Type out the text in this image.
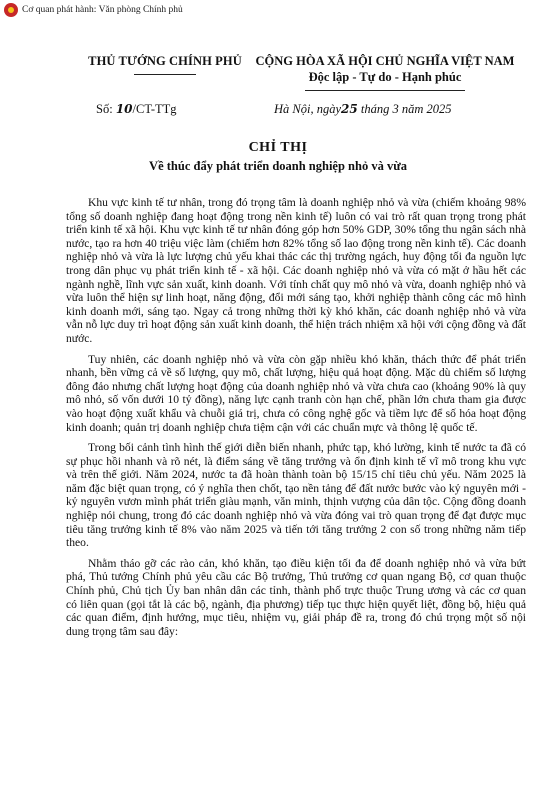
Cơ quan phát hành: Văn phòng Chính phủ
THỦ TƯỚNG CHÍNH PHỦ	CỘNG HÒA XÃ HỘI CHỦ NGHĨA VIỆT NAM
Độc lập - Tự do - Hạnh phúc
Số: 10/CT-TTg	Hà Nội, ngày25 tháng 3 năm 2025
CHỈ THỊ
Về thúc đẩy phát triển doanh nghiệp nhỏ và vừa

Khu vực kinh tế tư nhân, trong đó trọng tâm là doanh nghiệp nhỏ và vừa (chiếm khoảng 98% tổng số doanh nghiệp đang hoạt động trong nền kinh tế) luôn có vai trò rất quan trọng trong phát triển kinh tế xã hội. Khu vực kinh tế tư nhân đóng góp hơn 50% GDP, 30% tổng thu ngân sách nhà nước, tạo ra hơn 40 triệu việc làm (chiếm hơn 82% tổng số lao động trong nền kinh tế). Các doanh nghiệp nhỏ và vừa là lực lượng chủ yếu khai thác các thị trường ngách, huy động tối đa nguồn lực trong dân phục vụ phát triển kinh tế - xã hội. Các doanh nghiệp nhỏ và vừa có mặt ở hầu hết các ngành nghề, lĩnh vực sản xuất, kinh doanh. Với tính chất quy mô nhỏ và vừa, doanh nghiệp nhỏ và vừa luôn thể hiện sự linh hoạt, năng động, đổi mới sáng tạo, khởi nghiệp thành công các mô hình kinh doanh mới, sáng tạo. Ngay cả trong những thời kỳ khó khăn, các doanh nghiệp nhỏ và vừa vẫn nỗ lực duy trì hoạt động sản xuất kinh doanh, thể hiện trách nhiệm xã hội với cộng đồng và đất nước.

Tuy nhiên, các doanh nghiệp nhỏ và vừa còn gặp nhiều khó khăn, thách thức để phát triển nhanh, bền vững cả về số lượng, quy mô, chất lượng, hiệu quả hoạt động. Mặc dù chiếm số lượng đông đảo nhưng chất lượng hoạt động của doanh nghiệp nhỏ và vừa chưa cao (khoảng 90% là quy mô nhỏ, số vốn dưới 10 tỷ đồng), năng lực cạnh tranh còn hạn chế, phần lớn chưa tham gia được vào hoạt động xuất khẩu và chuỗi giá trị, chưa có công nghệ gốc và tiềm lực để số hóa hoạt động kinh doanh; quản trị doanh nghiệp chưa tiệm cận với các chuẩn mực và thông lệ quốc tế.

Trong bối cảnh tình hình thế giới diễn biến nhanh, phức tạp, khó lường, kinh tế nước ta đã có sự phục hồi nhanh và rõ nét, là điểm sáng về tăng trưởng và ổn định kinh tế vĩ mô trong khu vực và trên thế giới. Năm 2024, nước ta đã hoàn thành toàn bộ 15/15 chỉ tiêu chủ yếu. Năm 2025 là năm đặc biệt quan trọng, có ý nghĩa then chốt, tạo nền tảng để đất nước bước vào kỷ nguyên mới - kỷ nguyên vươn mình phát triển giàu mạnh, văn minh, thịnh vượng của dân tộc. Cộng đồng doanh nghiệp nói chung, trong đó các doanh nghiệp nhỏ và vừa đóng vai trò quan trọng để đạt được mục tiêu tăng trưởng kinh tế 8% vào năm 2025 và tiến tới tăng trưởng 2 con số trong những năm tiếp theo.

Nhằm tháo gỡ các rào cản, khó khăn, tạo điều kiện tối đa để doanh nghiệp nhỏ và vừa bứt phá, Thủ tướng Chính phủ yêu cầu các Bộ trưởng, Thủ trưởng cơ quan ngang Bộ, cơ quan thuộc Chính phủ, Chủ tịch Ủy ban nhân dân các tỉnh, thành phố trực thuộc Trung ương và các cơ quan có liên quan (gọi tắt là các bộ, ngành, địa phương) tiếp tục thực hiện quyết liệt, đồng bộ, hiệu quả các quan điểm, định hướng, mục tiêu, nhiệm vụ, giải pháp đề ra, trong đó chú trọng một số nội dung trọng tâm sau đây:
